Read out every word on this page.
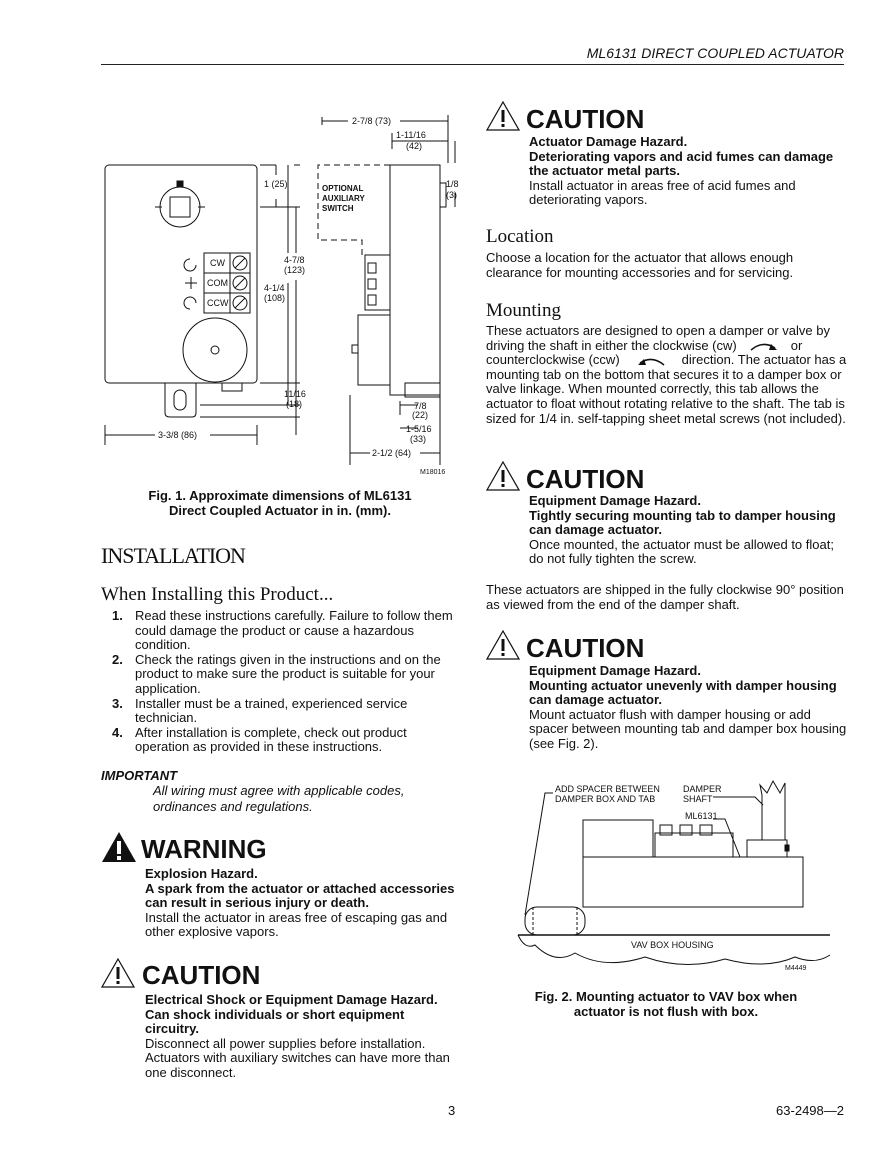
ML6131 DIRECT COUPLED ACTUATOR
2-7/8 (73)
1-11/16
(42)
1/8
(3)
1 (25)
4-7/8
(123)
4-1/4
(108)
11/16
(18)
3-3/8 (86)
7/8
(22)
1-5/16
(33)
2-1/2 (64)
OPTIONAL
AUXILIARY
SWITCH
CW
COM
CCW
M18016
Fig. 1. Approximate dimensions of ML6131
Direct Coupled Actuator in in. (mm).
INSTALLATION
When Installing this Product...
1. Read these instructions carefully. Failure to follow them could damage the product or cause a hazardous condition.
2. Check the ratings given in the instructions and on the product to make sure the product is suitable for your application.
3. Installer must be a trained, experienced service technician.
4. After installation is complete, check out product operation as provided in these instructions.
IMPORTANT
All wiring must agree with applicable codes, ordinances and regulations.
WARNING

Explosion Hazard.

A spark from the actuator or attached accessories can result in serious injury or death.

Install the actuator in areas free of escaping gas and other explosive vapors.

CAUTION

Electrical Shock or Equipment Damage Hazard.

Can shock individuals or short equipment circuitry.

Disconnect all power supplies before installation. Actuators with auxiliary switches can have more than one disconnect.

CAUTION

Actuator Damage Hazard.

Deteriorating vapors and acid fumes can damage the actuator metal parts.

Install actuator in areas free of acid fumes and deteriorating vapors.

Location

Choose a location for the actuator that allows enough clearance for mounting accessories and for servicing.

Mounting
These actuators are designed to open a damper or valve by
driving the shaft in either the clockwise (cw)	or
counterclockwise (ccw)	direction. The actuator has a
mounting tab on the bottom that secures it to a damper box or valve linkage. When mounted correctly, this tab allows the actuator to float without rotating relative to the shaft. The tab is sized for 1/4 in. self-tapping sheet metal screws (not included).
CAUTION

Equipment Damage Hazard.

Tightly securing mounting tab to damper housing can damage actuator.

Once mounted, the actuator must be allowed to float; do not fully tighten the screw.

These actuators are shipped in the fully clockwise 90° position as viewed from the end of the damper shaft.

CAUTION

Equipment Damage Hazard.

Mounting actuator unevenly with damper housing can damage actuator.

Mount actuator flush with damper housing or add spacer between mounting tab and damper box housing (see Fig. 2).

ADD SPACER BETWEEN
DAMPER BOX AND TAB
DAMPER
SHAFT
ML6131
VAV BOX HOUSING
M4449
Fig. 2. Mounting actuator to VAV box when
actuator is not flush with box.
3	63-2498—2
